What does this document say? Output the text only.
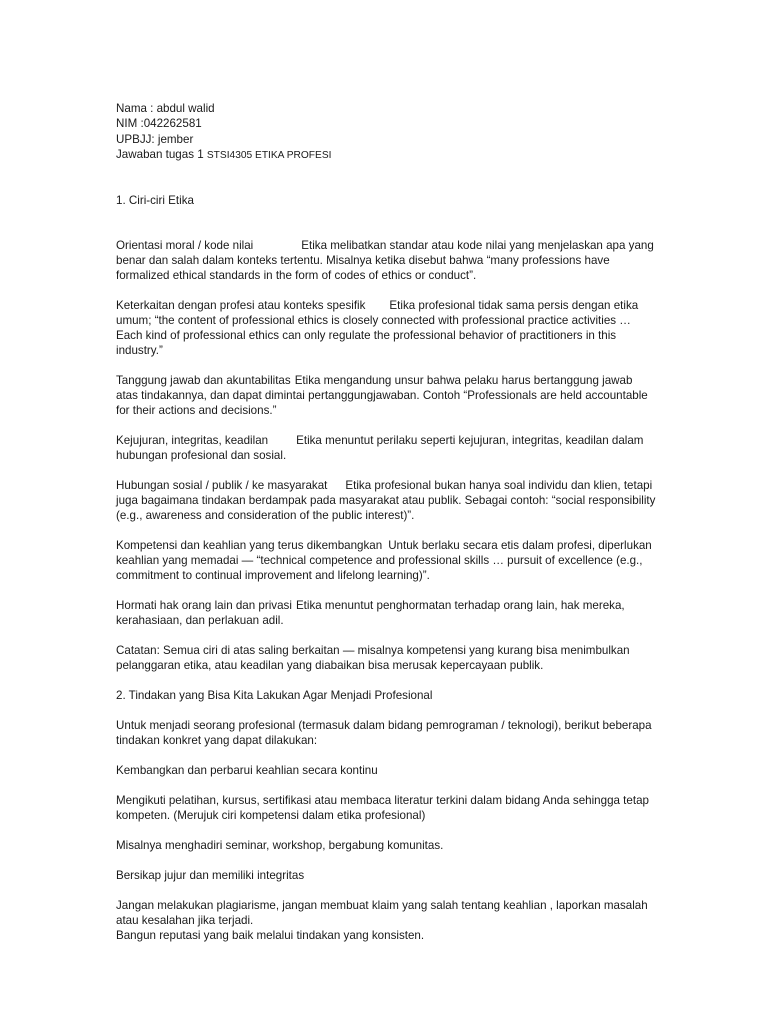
Nama : abdul walid
NIM :042262581
UPBJJ: jember
Jawaban tugas 1 STSI4305 ETIKA PROFESI
1. Ciri-ciri Etika

Orientasi moral / kode nilai	Etika melibatkan standar atau kode nilai yang menjelaskan apa yang benar dan salah dalam konteks tertentu. Misalnya ketika disebut bahwa “many professions have formalized ethical standards in the form of codes of ethics or conduct”.

Keterkaitan dengan profesi atau konteks spesifik Etika profesional tidak sama persis dengan etika umum; “the content of professional ethics is closely connected with professional practice activities … Each kind of professional ethics can only regulate the professional behavior of practitioners in this industry.”

Tanggung jawab dan akuntabilitas Etika mengandung unsur bahwa pelaku harus bertanggung jawab atas tindakannya, dan dapat dimintai pertanggungjawaban. Contoh “Professionals are held accountable for their actions and decisions.”

Kejujuran, integritas, keadilan Etika menuntut perilaku seperti kejujuran, integritas, keadilan dalam hubungan profesional dan sosial.

Hubungan sosial / publik / ke masyarakat Etika profesional bukan hanya soal individu dan klien, tetapi juga bagaimana tindakan berdampak pada masyarakat atau publik. Sebagai contoh: “social responsibility (e.g., awareness and consideration of the public interest)”.

Kompetensi dan keahlian yang terus dikembangkan Untuk berlaku secara etis dalam profesi, diperlukan keahlian yang memadai — “technical competence and professional skills … pursuit of excellence (e.g., commitment to continual improvement and lifelong learning)”.

Hormati hak orang lain dan privasi Etika menuntut penghormatan terhadap orang lain, hak mereka, kerahasiaan, dan perlakuan adil.

Catatan: Semua ciri di atas saling berkaitan — misalnya kompetensi yang kurang bisa menimbulkan pelanggaran etika, atau keadilan yang diabaikan bisa merusak kepercayaan publik.

2. Tindakan yang Bisa Kita Lakukan Agar Menjadi Profesional

Untuk menjadi seorang profesional (termasuk dalam bidang pemrograman / teknologi), berikut beberapa tindakan konkret yang dapat dilakukan:

Kembangkan dan perbarui keahlian secara kontinu

Mengikuti pelatihan, kursus, sertifikasi atau membaca literatur terkini dalam bidang Anda sehingga tetap kompeten. (Merujuk ciri kompetensi dalam etika profesional)

Misalnya menghadiri seminar, workshop, bergabung komunitas.
Bersikap jujur dan memiliki integritas

Jangan melakukan plagiarisme, jangan membuat klaim yang salah tentang keahlian , laporkan masalah atau kesalahan jika terjadi.

Bangun reputasi yang baik melalui tindakan yang konsisten.
